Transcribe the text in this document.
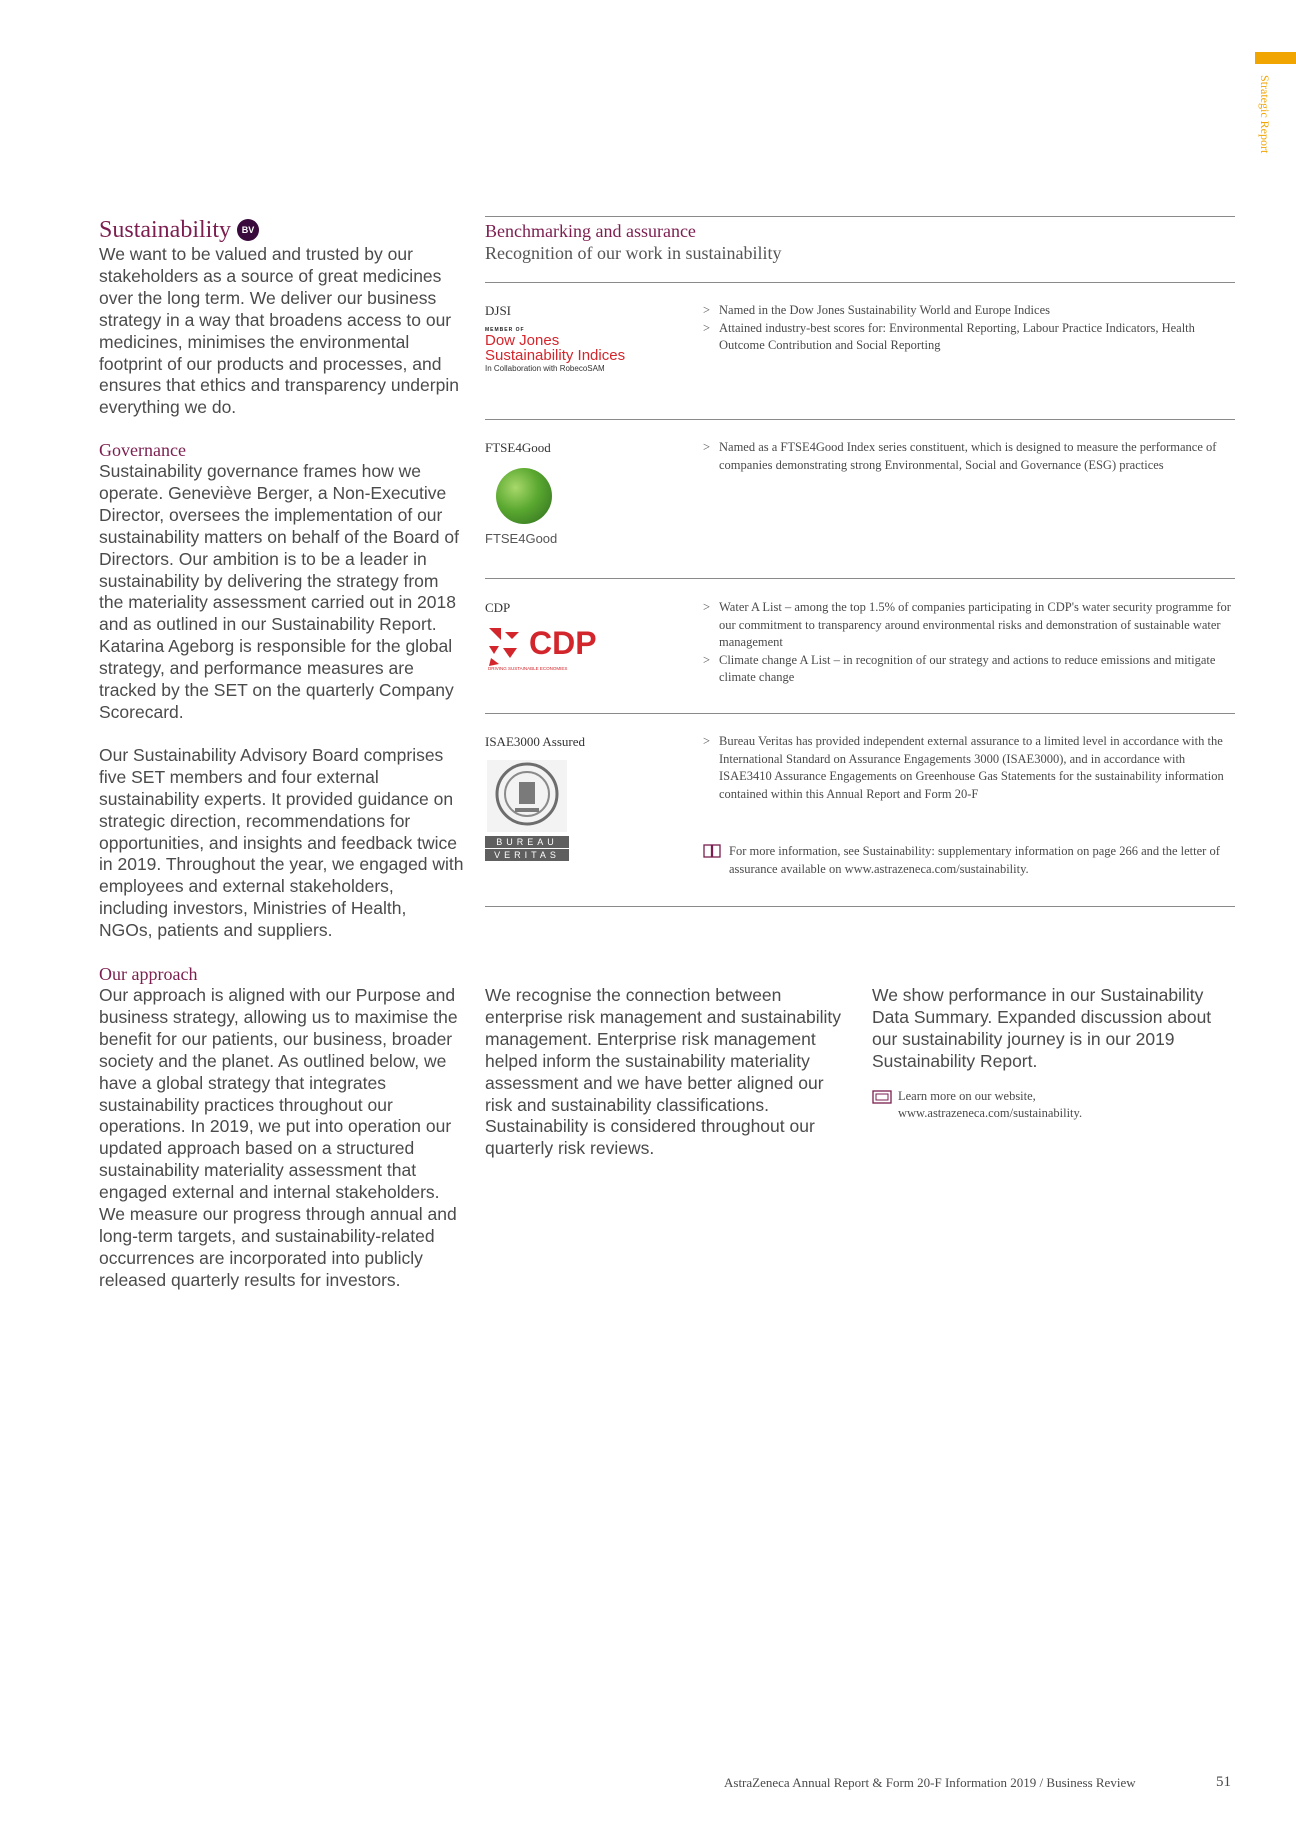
Strategic Report
Sustainability	BV

We want to be valued and trusted by our stakeholders as a source of great medicines over the long term. We deliver our business strategy in a way that broadens access to our medicines, minimises the environmental footprint of our products and processes, and ensures that ethics and transparency underpin everything we do.

Governance

Sustainability governance frames how we operate. Geneviève Berger, a Non-Executive Director, oversees the implementation of our sustainability matters on behalf of the Board of Directors. Our ambition is to be a leader in sustainability by delivering the strategy from the materiality assessment carried out in 2018 and as outlined in our Sustainability Report. Katarina Ageborg is responsible for the global strategy, and performance measures are tracked by the SET on the quarterly Company Scorecard.

Our Sustainability Advisory Board comprises five SET members and four external sustainability experts. It provided guidance on strategic direction, recommendations for opportunities, and insights and feedback twice in 2019. Throughout the year, we engaged with employees and external stakeholders, including investors, Ministries of Health, NGOs, patients and suppliers.

Our approach

Our approach is aligned with our Purpose and business strategy, allowing us to maximise the benefit for our patients, our business, broader society and the planet. As outlined below, we have a global strategy that integrates sustainability practices throughout our operations. In 2019, we put into operation our updated approach based on a structured sustainability materiality assessment that engaged external and internal stakeholders. We measure our progress through annual and long-term targets, and sustainability-related occurrences are incorporated into publicly released quarterly results for investors.

Benchmarking and assurance
Recognition of our work in sustainability
DJSI
MEMBER OF
Dow Jones
Sustainability Indices
In Collaboration with RobecoSAM
> Named in the Dow Jones Sustainability World and Europe Indices
> Attained industry-best scores for: Environmental Reporting, Labour Practice Indicators, Health Outcome Contribution and Social Reporting
FTSE4Good
FTSE4Good
> Named as a FTSE4Good Index series constituent, which is designed to measure the performance of companies demonstrating strong Environmental, Social and Governance (ESG) practices
CDP
CDP
DRIVING SUSTAINABLE ECONOMIES
> Water A List – among the top 1.5% of companies participating in CDP's water security programme for our commitment to transparency around environmental risks and demonstration of sustainable water management
> Climate change A List – in recognition of our strategy and actions to reduce emissions and mitigate climate change
ISAE3000 Assured
BUREAU
VERITAS
> Bureau Veritas has provided independent external assurance to a limited level in accordance with the International Standard on Assurance Engagements 3000 (ISAE3000), and in accordance with ISAE3410 Assurance Engagements on Greenhouse Gas Statements for the sustainability information contained within this Annual Report and Form 20-F
For more information, see Sustainability: supplementary information on page 266 and the letter of assurance available on www.astrazeneca.com/sustainability.

We recognise the connection between enterprise risk management and sustainability management. Enterprise risk management helped inform the sustainability materiality assessment and we have better aligned our risk and sustainability classifications. Sustainability is considered throughout our quarterly risk reviews.

We show performance in our Sustainability Data Summary. Expanded discussion about our sustainability journey is in our 2019 Sustainability Report.

Learn more on our website,
www.astrazeneca.com/sustainability.
AstraZeneca Annual Report & Form 20-F Information 2019 / Business Review	51
